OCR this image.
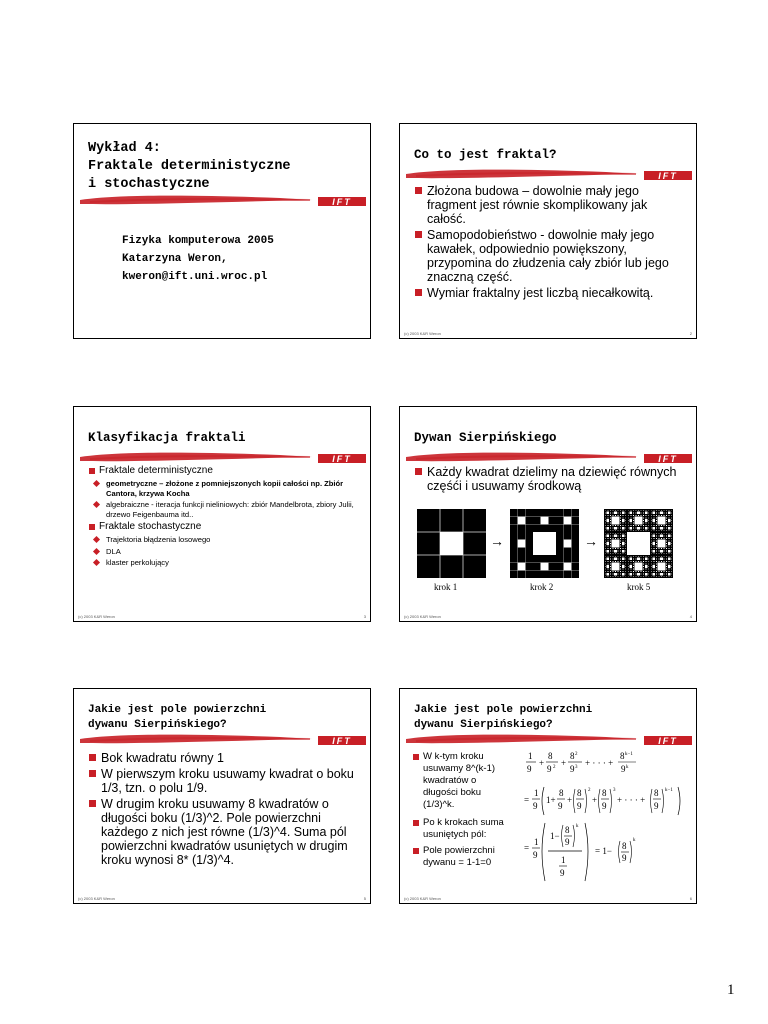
Wykład 4:
Fraktale deterministyczne
i stochastyczne
IFT
Fizyka komputerowa 2005
Katarzyna Weron,
kweron@ift.uni.wroc.pl
Co to jest fraktal?
IFT
Złożona budowa – dowolnie mały jego fragment jest równie skomplikowany jak całość.
Samopodobieństwo - dowolnie mały jego kawałek, odpowiednio powiększony, przypomina do złudzenia cały zbiór lub jego znaczną część.
Wymiar fraktalny jest liczbą niecałkowitą.
(c) 2003 K&R Weron	2
Klasyfikacja fraktali
IFT
Fraktale deterministyczne
geometryczne – złożone z pomniejszonych kopii całości np. Zbiór Cantora, krzywa Kocha
algebraiczne - iteracja funkcji nieliniowych: zbiór Mandelbrota, zbiory Julii, drzewo Feigenbauma itd..
Fraktale stochastyczne
Trajektoria błądzenia losowego
DLA
klaster perkolujący
(c) 2003 K&R Weron	3
Dywan Sierpińskiego
IFT
Każdy kwadrat dzielimy na dziewięć równych częśći i usuwamy środkową
→	→
krok 1	krok 2	krok 5
(c) 2003 K&R Weron	4
Jakie jest pole powierzchni
dywanu Sierpińskiego?
IFT
Bok kwadratu równy 1
W pierwszym kroku usuwamy kwadrat o boku 1/3, tzn. o polu 1/9.
W drugim kroku usuwamy 8 kwadratów o długości boku (1/3)^2. Pole powierzchni każdego z nich jest równe (1/3)^4. Suma pól powierzchni kwadratów usuniętych w drugim kroku wynosi 8* (1/3)^4.
(c) 2003 K&R Weron	5
Jakie jest pole powierzchni
dywanu Sierpińskiego?
IFT
W k-tym kroku usuwamy 8^(k-1) kwadratów o długości boku (1/3)^k.
Po k krokach suma usuniętych pól:
Pole powierzchni dywanu = 1-1=0
1
9
+
8
9 2 +
8 2
9 3 + · · · +
8 k−1
9 k
=
1
9
1+
8
9
+
8
9
2
+
8
9
3
+ · · · +
8
9
k−1
=
1
9
1−
8
9
k
1
9
= 1− 8
9
k
(c) 2003 K&R Weron	6
1
